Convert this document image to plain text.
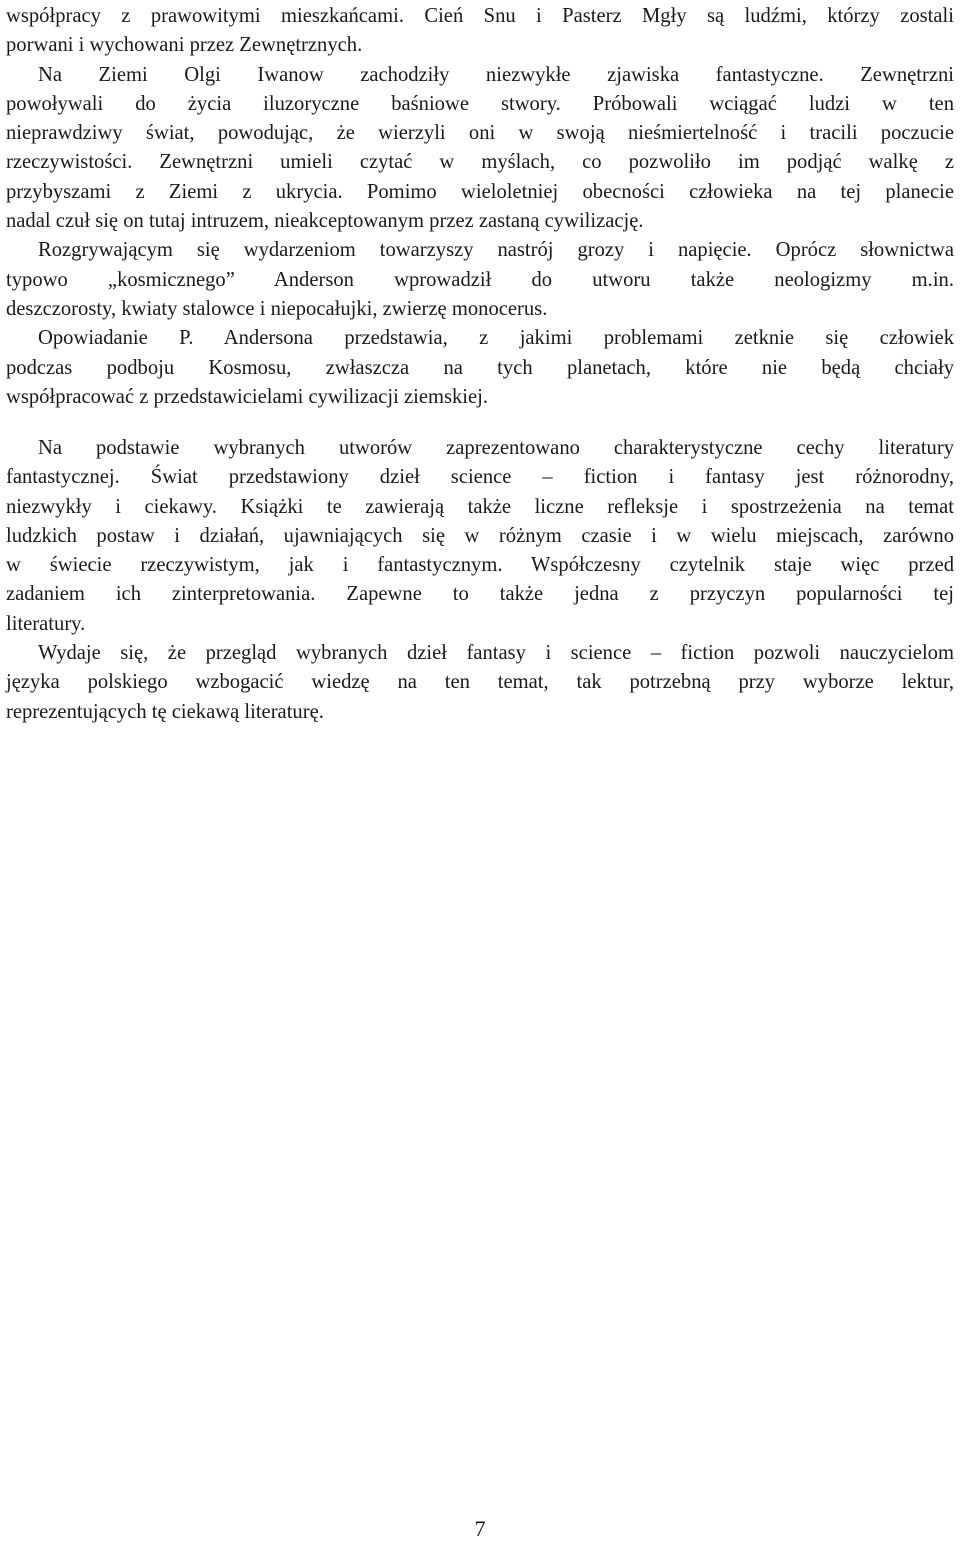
współpracy z prawowitymi mieszkańcami. Cień Snu i Pasterz Mgły są ludźmi, którzy zostali
porwani i wychowani przez Zewnętrznych.
Na Ziemi Olgi Iwanow zachodziły niezwykłe zjawiska fantastyczne. Zewnętrzni
powoływali do życia iluzoryczne baśniowe stwory. Próbowali wciągać ludzi w ten
nieprawdziwy świat, powodując, że wierzyli oni w swoją nieśmiertelność i tracili poczucie
rzeczywistości. Zewnętrzni umieli czytać w myślach, co pozwoliło im podjąć walkę z
przybyszami z Ziemi z ukrycia. Pomimo wieloletniej obecności człowieka na tej planecie
nadal czuł się on tutaj intruzem, nieakceptowanym przez zastaną cywilizację.
Rozgrywającym się wydarzeniom towarzyszy nastrój grozy i napięcie. Oprócz słownictwa
typowo „kosmicznego” Anderson wprowadził do utworu także neologizmy m.in.
deszczorosty, kwiaty stalowce i niepocałujki, zwierzę monocerus.
Opowiadanie P. Andersona przedstawia, z jakimi problemami zetknie się człowiek
podczas podboju Kosmosu, zwłaszcza na tych planetach, które nie będą chciały
współpracować z przedstawicielami cywilizacji ziemskiej.
Na podstawie wybranych utworów zaprezentowano charakterystyczne cechy literatury
fantastycznej. Świat przedstawiony dzieł science – fiction i fantasy jest różnorodny,
niezwykły i ciekawy. Książki te zawierają także liczne refleksje i spostrzeżenia na temat
ludzkich postaw i działań, ujawniających się w różnym czasie i w wielu miejscach, zarówno
w świecie rzeczywistym, jak i fantastycznym. Współczesny czytelnik staje więc przed
zadaniem ich zinterpretowania. Zapewne to także jedna z przyczyn popularności tej
literatury.
Wydaje się, że przegląd wybranych dzieł fantasy i science – fiction pozwoli nauczycielom
języka polskiego wzbogacić wiedzę na ten temat, tak potrzebną przy wyborze lektur,
reprezentujących tę ciekawą literaturę.
7
